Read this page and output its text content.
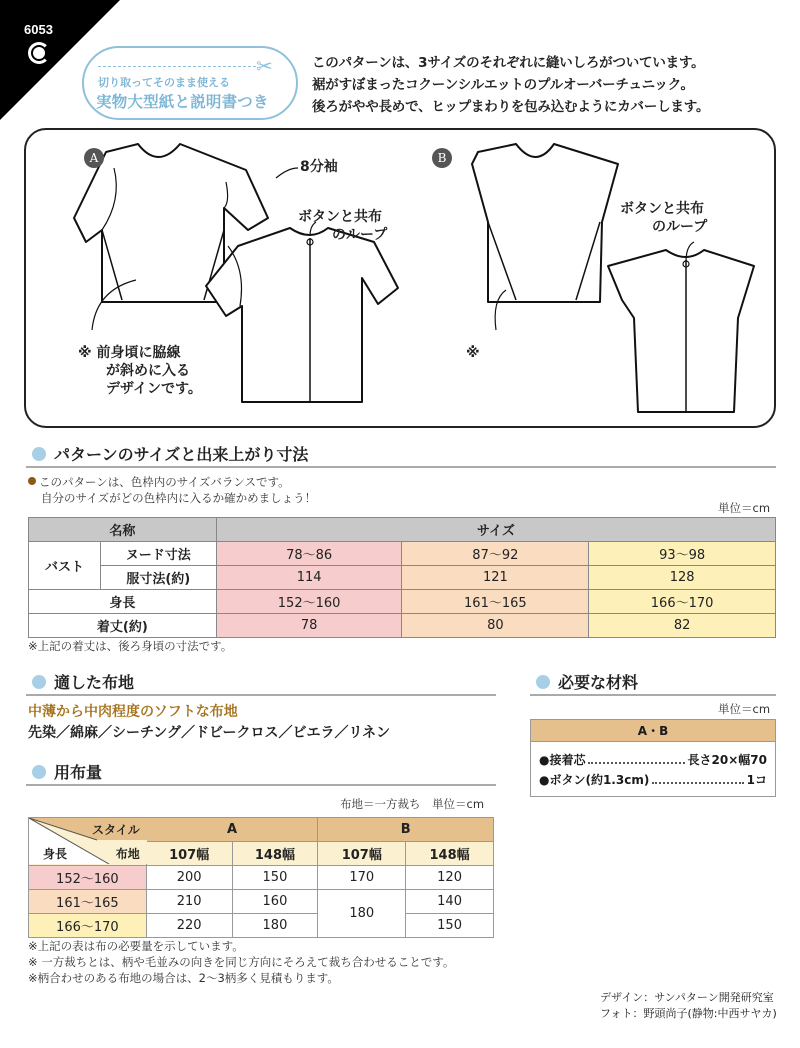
6053
✂
切り取ってそのまま使える
実物大型紙と説明書つき

このパターンは、3サイズのそれぞれに縫いしろがついています。

裾がすぼまったコクーンシルエットのプルオーバーチュニック。

後ろがやや長めで、ヒップまわりを包み込むようにカバーします。

A
8分袖
ボタンと共布
のループ
※ 前身頃に脇線
が斜めに入る
デザインです。
B
ボタンと共布
のループ
※
パターンのサイズと出来上がり寸法
このパターンは、色枠内のサイズバランスです。
自分のサイズがどの色枠内に入るか確かめましょう！
単位＝cm
名称		サイズ		
バスト	ヌード寸法	78〜86	87〜92	93〜98
	服寸法(約)	114	121	128
身長		152〜160	161〜165	166〜170
着丈(約)		78	80	82
※上記の着丈は、後ろ身頃の寸法です。
適した布地
中薄から中肉程度のソフトな布地
先染／綿麻／シーチング／ドビークロス／ビエラ／リネン
用布量
布地＝一方裁ち　単位＝cm
スタイル
布地
身長	A		B	
	107幅	148幅	107幅	148幅
152〜160	200	150	170	120
161〜165	210	160	180	140
166〜170	220	180		150
※上記の表は布の必要量を示しています。
※ 一方裁ちとは、柄や毛並みの向きを同じ方向にそろえて裁ち合わせることです。
※柄合わせのある布地の場合は、2〜3柄多く見積もります。
必要な材料
単位＝cm
A・B
●接着芯	長さ20×幅70
●ボタン(約1.3cm)	1コ
デザイン：サンパターン開発研究室
フォト：野頭尚子(静物:中西サヤカ)
